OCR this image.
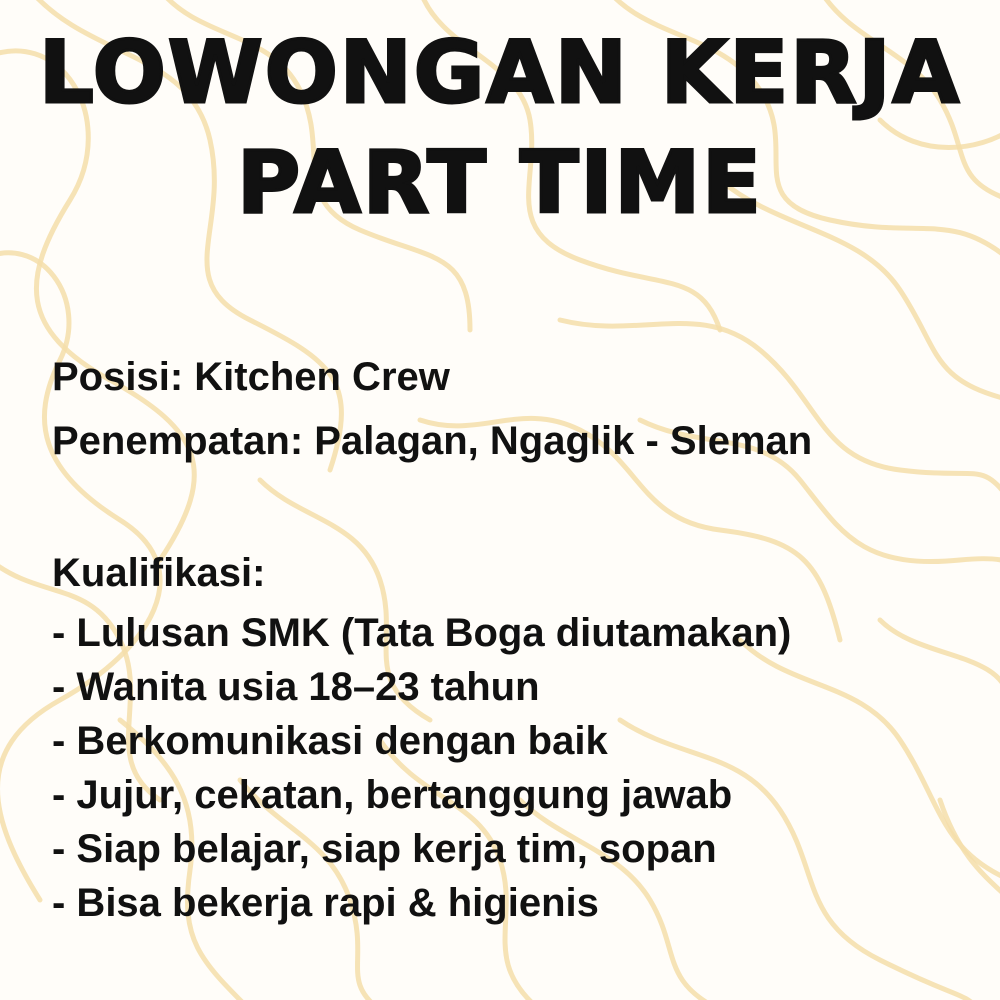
LOWONGAN KERJA
PART TIME
Posisi: Kitchen Crew
Penempatan: Palagan, Ngaglik - Sleman
Kualifikasi:
- Lulusan SMK (Tata Boga diutamakan)
- Wanita usia 18–23 tahun
- Berkomunikasi dengan baik
- Jujur, cekatan, bertanggung jawab
- Siap belajar, siap kerja tim, sopan
- Bisa bekerja rapi & higienis
